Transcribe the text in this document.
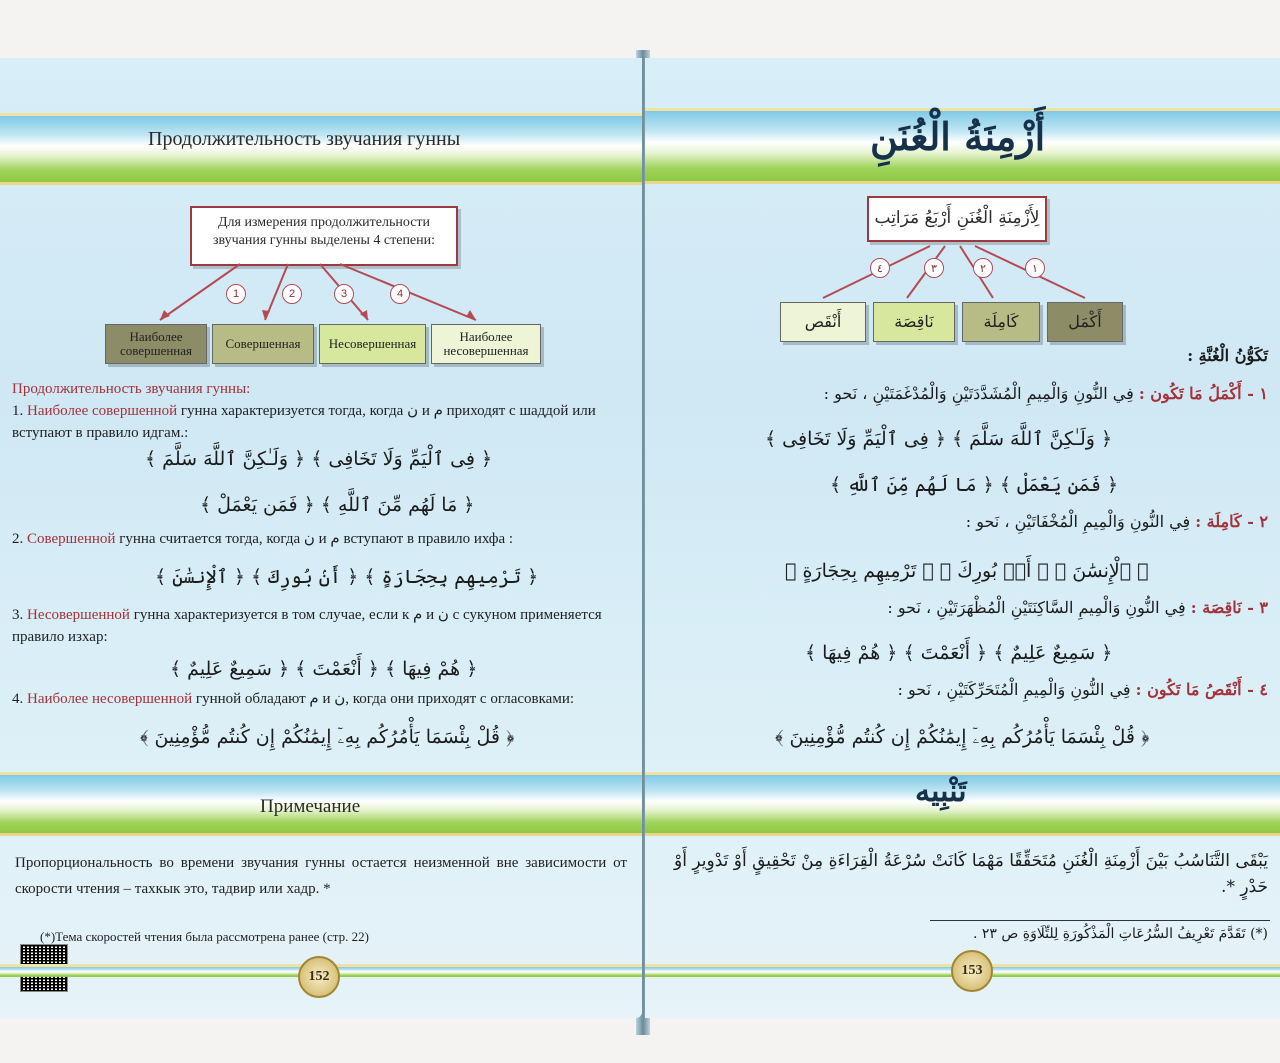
Продолжительность звучания гунны
Для измерения продолжительности звучания гунны выделены 4 степени:
1	2	3	4
Наиболее совершенная	Совершенная	Несовершенная	Наиболее несовершенная
Продолжительность звучания гунны:
1. Наиболее совершенной гунна характеризуется тогда, когда ن и م приходят с шаддой или вступают в правило идгам.:
﴿ فِى ٱلْيَمِّ وَلَا تَخَافِى ﴾ ﴿ وَلَـٰكِنَّ ٱللَّهَ سَلَّمَ ﴾
﴿ مَا لَهُم مِّنَ ٱللَّهِ ﴾ ﴿ فَمَن يَعْمَلْ ﴾
2. Совершенной гунна считается тогда, когда ن и م вступают в правило ихфа :
﴿ تَرْمِيهِم بِحِجَارَةٍ ﴾ ﴿ أَنۢ بُورِكَ ﴾ ﴿ ٱلْإِنسَٰنَ ﴾
3. Несовершенной гунна характеризуется в том случае, если к م и ن с сукуном применяется правило изхар:
﴿ هُمْ فِيهَا ﴾ ﴿ أَنْعَمْتَ ﴾ ﴿ سَمِيعٌ عَلِيمٌ ﴾
4. Наиболее несовершенной гунной обладают م и ن, когда они приходят с огласовками:
﴿ قُلْ بِئْسَمَا يَأْمُرُكُم بِهِۦٓ إِيمَٰنُكُمْ إِن كُنتُم مُّؤْمِنِينَ ﴾
Примечание
Пропорциональность во времени звучания гунны остается неизменной вне зависимости от скорости чтения – тахкык это, тадвир или хадр. *
(*)Тема скоростей чтения была рассмотрена ранее (стр. 22)
152
أَزْمِنَةُ الْغُنَنِ
لِأَزْمِنَةِ الْغُنَنِ أَرْبَعُ مَرَاتِب
٤	٣	٢	١
أَنْقَص	نَاقِصَة	كَامِلَة	أَكْمَل
تَكَوُّنُ الْغُنَّةِ :
١ - أَكْمَلُ مَا تَكُون : فِي النُّونِ وَالْمِيمِ الْمُشَدَّدَتَيْنِ وَالْمُدْغَمَتَيْنِ ، نَحو :
﴿ وَلَـٰكِنَّ ٱللَّهَ سَلَّمَ ﴾ ﴿ فِى ٱلْيَمِّ وَلَا تَخَافِى ﴾
﴿ فَمَن يَعْمَلْ ﴾ ﴿ مَا لَهُم مِّنَ ٱللَّهِ ﴾
٢ - كَامِلَة : فِي النُّونِ وَالْمِيمِ الْمُخْفَاتَيْنِ ، نَحو :
﴿ ٱلْإِنسَٰنَ ﴾ ﴿ أَنۢ بُورِكَ ﴾ ﴿ تَرْمِيهِم بِحِجَارَةٍ ﴾
٣ - نَاقِصَة : فِي النُّونِ وَالْمِيمِ السَّاكِنَتَيْنِ الْمُظْهَرَتَيْنِ ، نَحو :
﴿ سَمِيعٌ عَلِيمٌ ﴾ ﴿ أَنْعَمْتَ ﴾ ﴿ هُمْ فِيهَا ﴾
٤ - أَنْقَصُ مَا تَكُون : فِي النُّونِ وَالْمِيمِ الْمُتَحَرِّكَتَيْنِ ، نَحو :
﴿ قُلْ بِئْسَمَا يَأْمُرُكُم بِهِۦٓ إِيمَٰنُكُمْ إِن كُنتُم مُّؤْمِنِينَ ﴾
تَنْبِيه
يَبْقَى التَّنَاسُبُ بَيْنَ أَزْمِنَةِ الْغُنَنِ مُتَحَقِّقًا مَهْمَا كَانَتْ سُرْعَةُ الْقِرَاءَةِ مِنْ تَحْقِيقٍ أَوْ تَدْوِيرٍ أَوْ حَدْرٍ *.
(*) تَقَدَّمَ تَعْرِيفُ السُّرُعَاتِ الْمَذْكُورَةِ لِلتِّلَاوَةِ ص ٢٣ .
153
